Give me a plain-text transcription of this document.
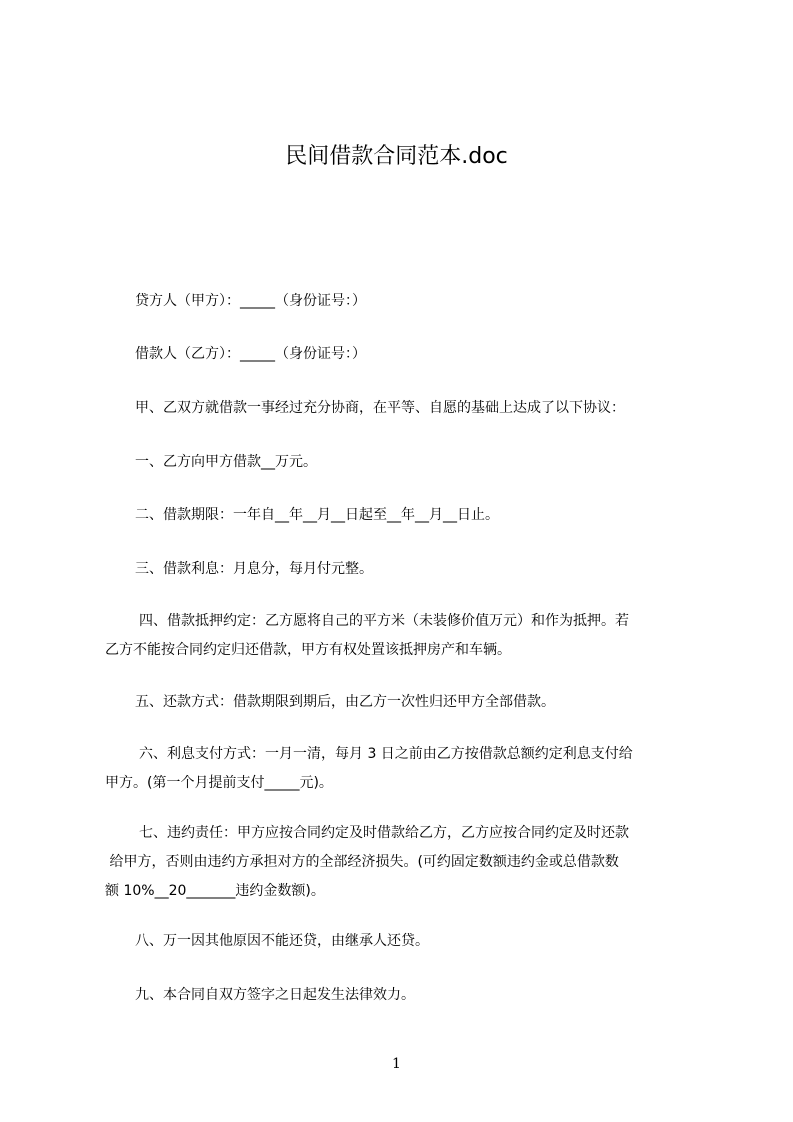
民间借款合同范本.doc
贷方人（甲方）：_____（身份证号：）
借款人（乙方）：_____（身份证号：）
甲、乙双方就借款一事经过充分协商，在平等、自愿的基础上达成了以下协议：
一、乙方向甲方借款__万元。
二、借款期限：一年自__年__月__日起至__年__月__日止。
三、借款利息：月息分，每月付元整。
四、借款抵押约定：乙方愿将自己的平方米（未装修价值万元）和作为抵押。若
乙方不能按合同约定归还借款，甲方有权处置该抵押房产和车辆。
五、还款方式：借款期限到期后，由乙方一次性归还甲方全部借款。
六、利息支付方式：一月一清，每月 3 日之前由乙方按借款总额约定利息支付给
甲方。(第一个月提前支付_____元)。
七、违约责任：甲方应按合同约定及时借款给乙方，乙方应按合同约定及时还款
给甲方，否则由违约方承担对方的全部经济损失。(可约固定数额违约金或总借款数
额 10%__20_______违约金数额)。
八、万一因其他原因不能还贷，由继承人还贷。
九、本合同自双方签字之日起发生法律效力。
1
